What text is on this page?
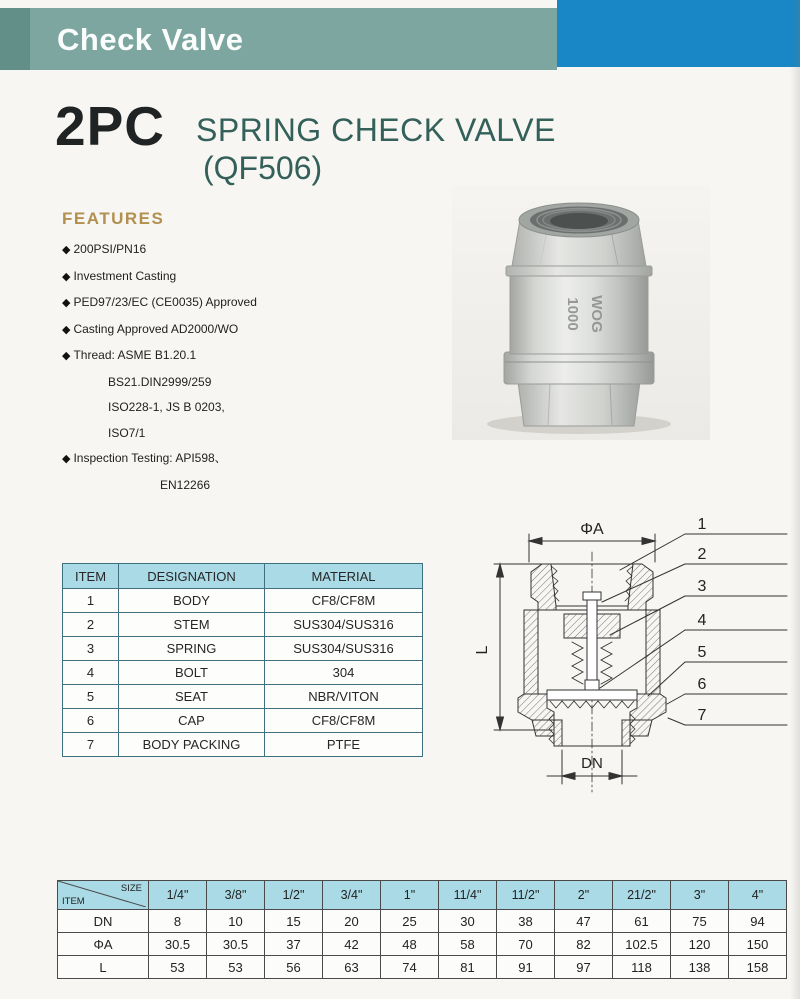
Check Valve
2PC SPRING CHECK VALVE
(QF506)
FEATURES
◆ 200PSI/PN16
◆ Investment Casting
◆ PED97/23/EC (CE0035) Approved
◆ Casting Approved AD2000/WO
◆ Thread: ASME B1.20.1
BS21.DIN2999/259
ISO228-1, JS B 0203,
ISO7/1
◆ Inspection Testing: API598、
EN12266
1000 WOG
ITEM	DESIGNATION	MATERIAL
1	BODY	CF8/CF8M
2	STEM	SUS304/SUS316
3	SPRING	SUS304/SUS316
4	BOLT	304
5	SEAT	NBR/VITON
6	CAP	CF8/CF8M
7	BODY PACKING	PTFE
ΦA
L
DN
1
2
3
4
5
6
7
SIZE
ITEM	1/4"	3/8"	1/2"	3/4"	1"	11/4"	11/2"	2"	21/2"	3"	4"
DN	8	10	15	20	25	30	38	47	61	75	94
ΦA	30.5	30.5	37	42	48	58	70	82	102.5	120	150
L	53	53	56	63	74	81	91	97	118	138	158
